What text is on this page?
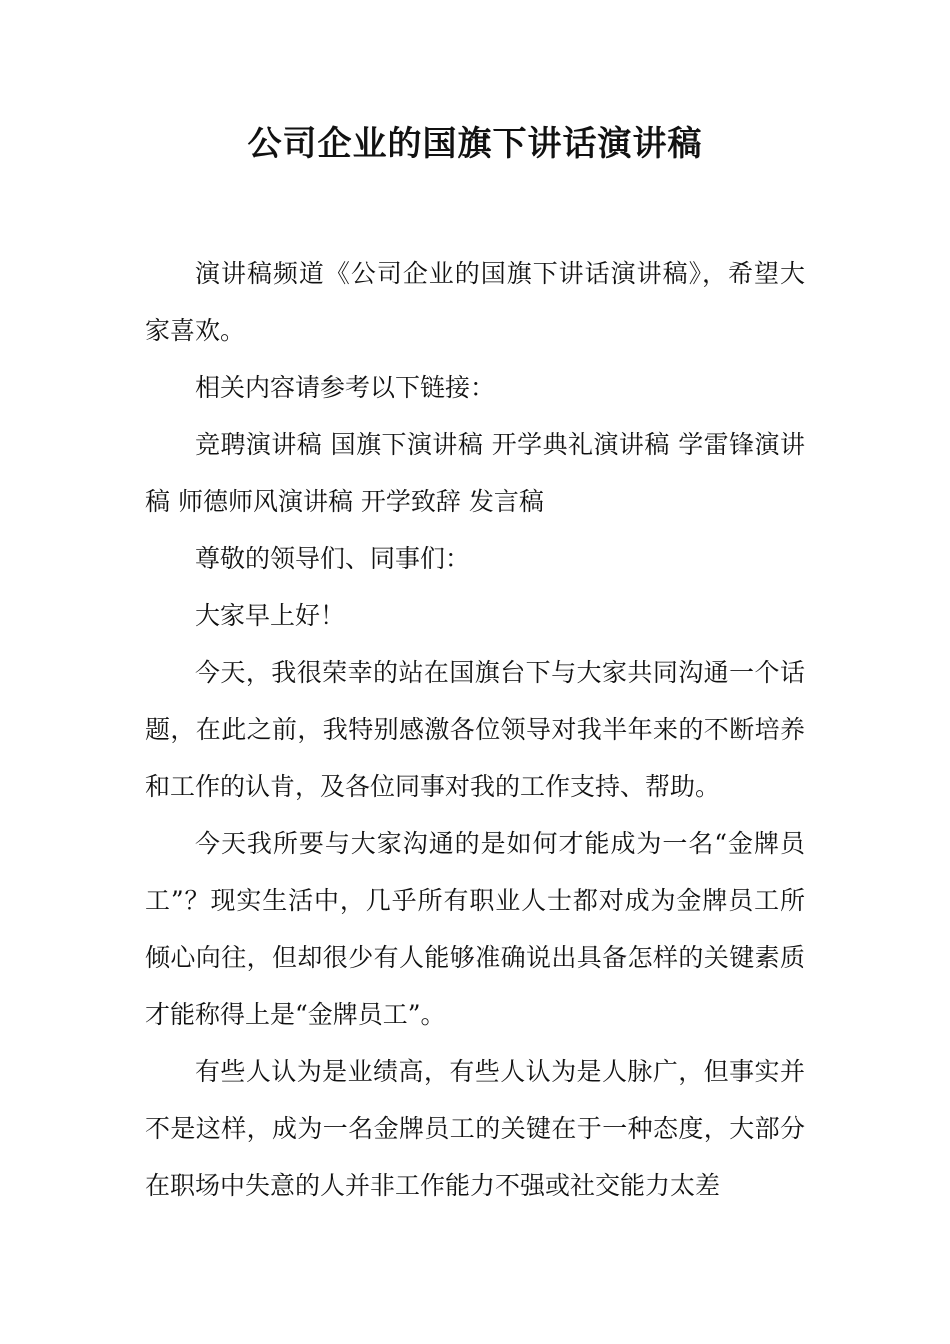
公司企业的国旗下讲话演讲稿

演讲稿频道《公司企业的国旗下讲话演讲稿》，希望大家喜欢。

相关内容请参考以下链接：

竞聘演讲稿 国旗下演讲稿 开学典礼演讲稿 学雷锋演讲稿 师德师风演讲稿 开学致辞 发言稿

尊敬的领导们、同事们：

大家早上好！

今天，我很荣幸的站在国旗台下与大家共同沟通一个话题，在此之前，我特别感激各位领导对我半年来的不断培养和工作的认肯，及各位同事对我的工作支持、帮助。

今天我所要与大家沟通的是如何才能成为一名“金牌员工”？现实生活中，几乎所有职业人士都对成为金牌员工所倾心向往，但却很少有人能够准确说出具备怎样的关键素质才能称得上是“金牌员工”。

有些人认为是业绩高，有些人认为是人脉广，但事实并不是这样，成为一名金牌员工的关键在于一种态度，大部分在职场中失意的人并非工作能力不强或社交能力太差
